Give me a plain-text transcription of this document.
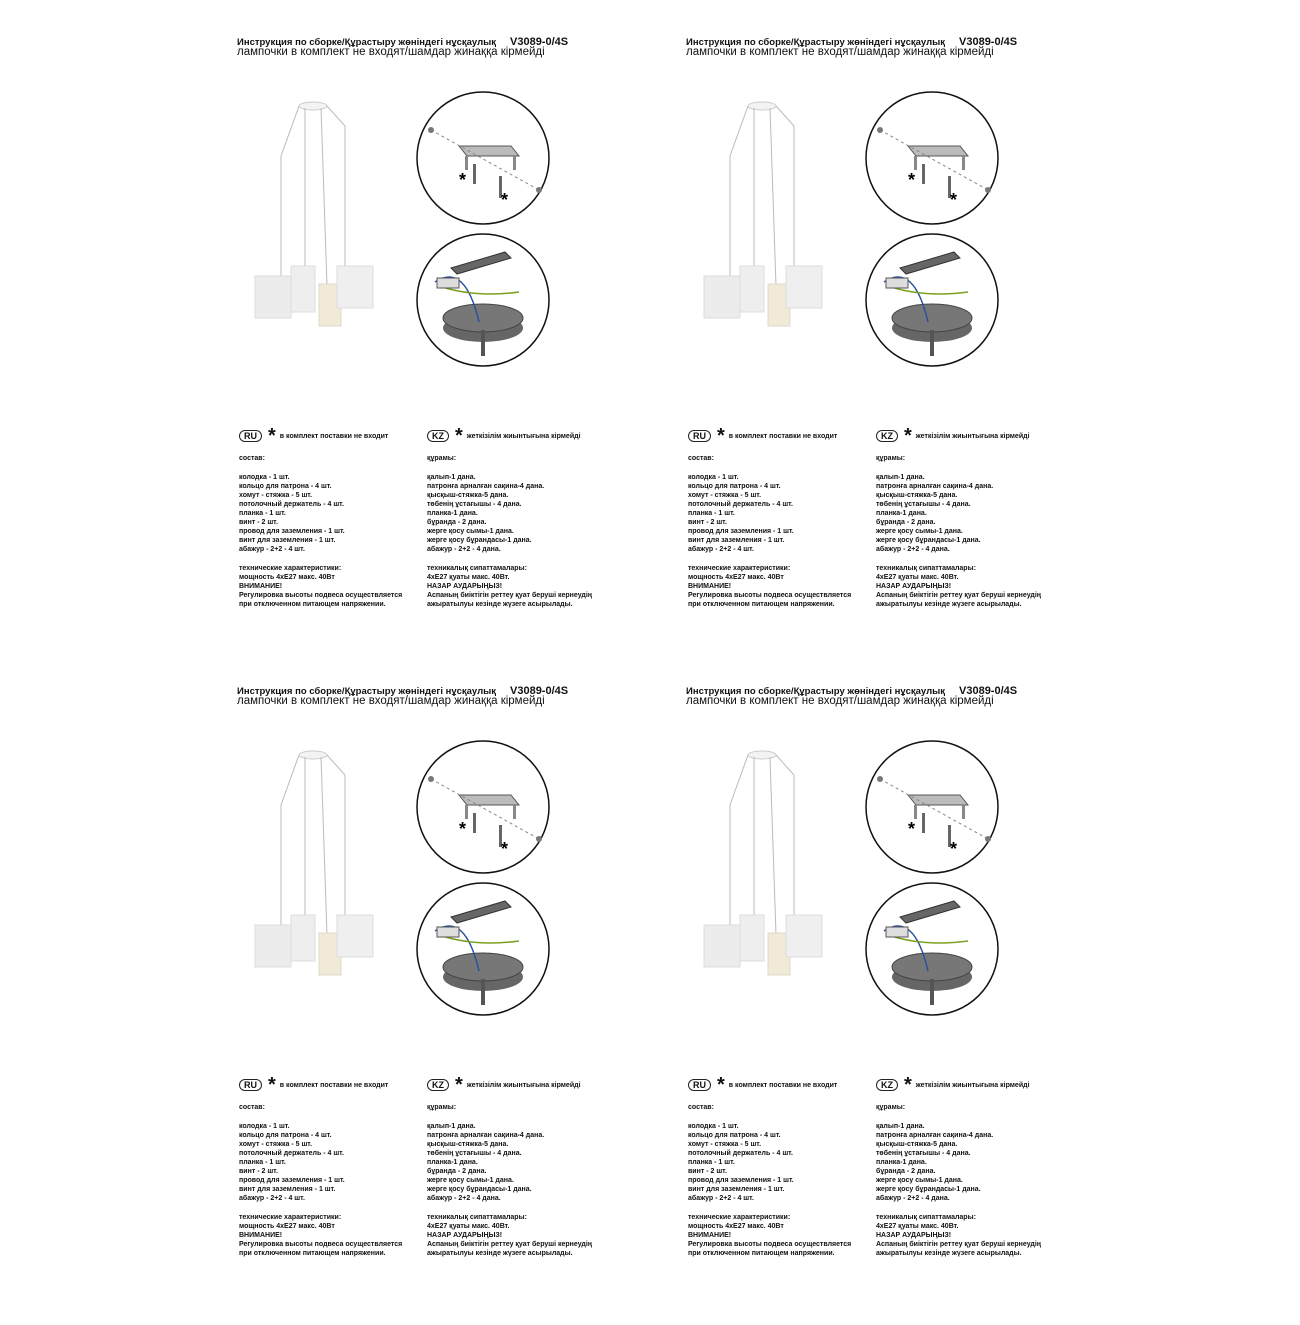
Инструкция по сборке/Құрастыру жөніндегі нұсқаулық V3089-0/4S
лампочки в комплект не входят/шамдар жинаққа кірмейді
*
*
RU * в комплект поставки не входит	KZ * жеткізілім жиынтығына кірмейді
состав:
колодка - 1 шт.
кольцо для патрона - 4 шт.
хомут - стяжка - 5 шт.
потолочный держатель - 4 шт.
планка - 1 шт.
винт - 2 шт.
провод для заземления - 1 шт.
винт для заземления - 1 шт.
абажур - 2+2 - 4 шт.
технические характеристики:
мощность 4хЕ27 макс. 40Вт
ВНИМАНИЕ!
Регулировка высоты подвеса осуществляется
при отключенном питающем напряжении.
құрамы:
қалып-1 дана.
патронға арналған сақина-4 дана.
қысқыш-стяжка-5 дана.
төбенің ұстағышы - 4 дана.
планка-1 дана.
бұранда - 2 дана.
жерге қосу сымы-1 дана.
жерге қосу бұрандасы-1 дана.
абажур - 2+2 - 4 дана.
техникалық сипаттамалары:
4хЕ27 қуаты макс. 40Вт.
НАЗАР АУДАРЫҢЫЗ!
Аспаның биіктігін реттеу қуат беруші кернеудің
ажыратылуы кезінде жүзеге асырылады.
Инструкция по сборке/Құрастыру жөніндегі нұсқаулық V3089-0/4S
лампочки в комплект не входят/шамдар жинаққа кірмейді
*
*
RU * в комплект поставки не входит	KZ * жеткізілім жиынтығына кірмейді
состав:
колодка - 1 шт.
кольцо для патрона - 4 шт.
хомут - стяжка - 5 шт.
потолочный держатель - 4 шт.
планка - 1 шт.
винт - 2 шт.
провод для заземления - 1 шт.
винт для заземления - 1 шт.
абажур - 2+2 - 4 шт.
технические характеристики:
мощность 4хЕ27 макс. 40Вт
ВНИМАНИЕ!
Регулировка высоты подвеса осуществляется
при отключенном питающем напряжении.
құрамы:
қалып-1 дана.
патронға арналған сақина-4 дана.
қысқыш-стяжка-5 дана.
төбенің ұстағышы - 4 дана.
планка-1 дана.
бұранда - 2 дана.
жерге қосу сымы-1 дана.
жерге қосу бұрандасы-1 дана.
абажур - 2+2 - 4 дана.
техникалық сипаттамалары:
4хЕ27 қуаты макс. 40Вт.
НАЗАР АУДАРЫҢЫЗ!
Аспаның биіктігін реттеу қуат беруші кернеудің
ажыратылуы кезінде жүзеге асырылады.
Инструкция по сборке/Құрастыру жөніндегі нұсқаулық V3089-0/4S
лампочки в комплект не входят/шамдар жинаққа кірмейді
*
*
RU * в комплект поставки не входит	KZ * жеткізілім жиынтығына кірмейді
состав:
колодка - 1 шт.
кольцо для патрона - 4 шт.
хомут - стяжка - 5 шт.
потолочный держатель - 4 шт.
планка - 1 шт.
винт - 2 шт.
провод для заземления - 1 шт.
винт для заземления - 1 шт.
абажур - 2+2 - 4 шт.
технические характеристики:
мощность 4хЕ27 макс. 40Вт
ВНИМАНИЕ!
Регулировка высоты подвеса осуществляется
при отключенном питающем напряжении.
құрамы:
қалып-1 дана.
патронға арналған сақина-4 дана.
қысқыш-стяжка-5 дана.
төбенің ұстағышы - 4 дана.
планка-1 дана.
бұранда - 2 дана.
жерге қосу сымы-1 дана.
жерге қосу бұрандасы-1 дана.
абажур - 2+2 - 4 дана.
техникалық сипаттамалары:
4хЕ27 қуаты макс. 40Вт.
НАЗАР АУДАРЫҢЫЗ!
Аспаның биіктігін реттеу қуат беруші кернеудің
ажыратылуы кезінде жүзеге асырылады.
Инструкция по сборке/Құрастыру жөніндегі нұсқаулық V3089-0/4S
лампочки в комплект не входят/шамдар жинаққа кірмейді
*
*
RU * в комплект поставки не входит	KZ * жеткізілім жиынтығына кірмейді
состав:
колодка - 1 шт.
кольцо для патрона - 4 шт.
хомут - стяжка - 5 шт.
потолочный держатель - 4 шт.
планка - 1 шт.
винт - 2 шт.
провод для заземления - 1 шт.
винт для заземления - 1 шт.
абажур - 2+2 - 4 шт.
технические характеристики:
мощность 4хЕ27 макс. 40Вт
ВНИМАНИЕ!
Регулировка высоты подвеса осуществляется
при отключенном питающем напряжении.
құрамы:
қалып-1 дана.
патронға арналған сақина-4 дана.
қысқыш-стяжка-5 дана.
төбенің ұстағышы - 4 дана.
планка-1 дана.
бұранда - 2 дана.
жерге қосу сымы-1 дана.
жерге қосу бұрандасы-1 дана.
абажур - 2+2 - 4 дана.
техникалық сипаттамалары:
4хЕ27 қуаты макс. 40Вт.
НАЗАР АУДАРЫҢЫЗ!
Аспаның биіктігін реттеу қуат беруші кернеудің
ажыратылуы кезінде жүзеге асырылады.
